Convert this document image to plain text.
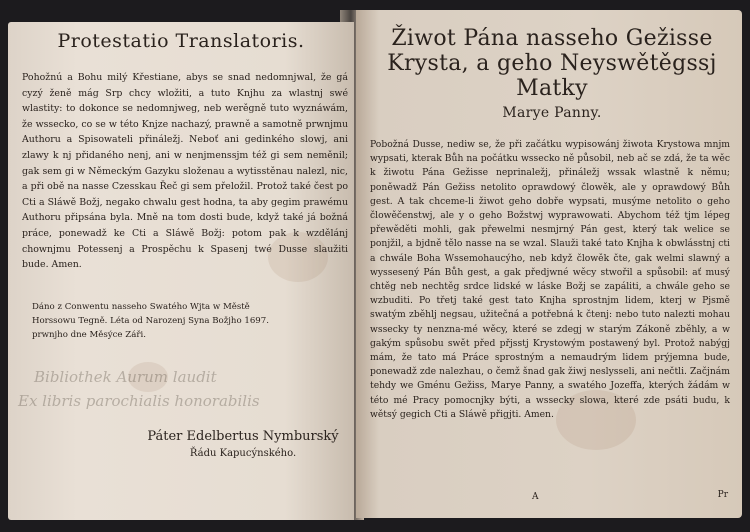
Protestatio Translatoris.

Pohožnú a Bohu milý Křestiane, abys se snad nedomnjwal, že gá cyzý ženě mág Srp chcy wložiti, a tuto Knjhu za wlastnj swé wlastity: to dokonce se nedomnjweg, neb werěgně tuto wyznáwám, že wssecko, co se w této Knjze nachazý, prawně a samotně prwnjmu Authoru a Spisowateli přináležj. Neboť ani gedinkého slowj, ani zlawy k nj přidaného nenj, ani w nenjmenssjm též gi sem neměnil; gak sem gi w Německým Gazyku složenau a wytisstěnau nalezl, nic, a při obě na nasse Czesskau Řeč gi sem přeložil. Protož také čest po Cti a Sláwě Božj, negako chwalu gest hodna, ta aby gegim prawému Authoru připsána byla. Mně na tom dosti bude, když také já božná práce, ponewadž ke Cti a Sláwě Božj: potom pak k wzdělánj chownjmu Potessenj a Prospěchu k Spasenj twé Dusse slaužiti bude. Amen.

Dáno z Conwentu nasseho Swatého Wjta w Městě Horssowu Tegně. Léta od Narozenj Syna Božjho 1697. prwnjho dne Měsýce Záři.
Bibliothek Aurum laudit
Ex libris parochialis honorabilis
Páter Edelbertus Nymburský
Řádu Kapucýnského.
Žiwot Pána nasseho Gežisse
Krysta, a geho Neyswětěgssj Matky
Marye Panny.

Pobožná Dusse, nediw se, že při začátku wypisowánj žiwota Krystowa mnjm wypsati, kterak Bůh na počátku wssecko ně působil, neb ač se zdá, že ta wěc k žiwotu Pána Gežisse neprinaležj, přináležj wssak wlastně k němu; poněwadž Pán Gežiss netolito oprawdowý člowěk, ale y oprawdowý Bůh gest. A tak chceme-li žiwot geho dobře wypsati, musýme netolito o geho člowěčenstwj, ale y o geho Božstwj wyprawowati. Abychom též tjm lépeg přewěděti mohli, gak přewelmi nesmjrný Pán gest, který tak welice se ponjžil, a bjdně tělo nasse na se wzal. Slauži také tato Knjha k obwlásstnj cti a chwále Boha Wssemohaucýho, neb když člowěk čte, gak welmi slawný a wyssesený Pán Bůh gest, a gak předjwné wěcy stwořil a spůsobil: ať musý chtěg neb nechtěg srdce lidské w láske Božj se zapáliti, a chwále geho se wzbuditi. Po třetj také gest tato Knjha sprostnjm lidem, kterj w Pjsmě swatým zběhlj negsau, užitečná a potřebná k čtenj: nebo tuto nalezti mohau wssecky ty nenzna-mé wěcy, které se zdegj w starým Zákoně zběhly, a w gakým spůsobu swět před přjsstj Krystowým postawený byl. Protož nabýgj mám, že tato má Práce sprostným a nemaudrým lidem prýjemna bude, ponewadž zde nalezhau, o čemž šnad gak žiwj neslysseli, ani nečtli. Začjnám tehdy we Gménu Gežiss, Marye Panny, a swatého Jozeffa, kterých žádám w této mé Pracy pomocnjky býti, a wssecky slowa, které zde psáti budu, k wětsý gegich Cti a Sláwě přigjti. Amen.

A	Pr
